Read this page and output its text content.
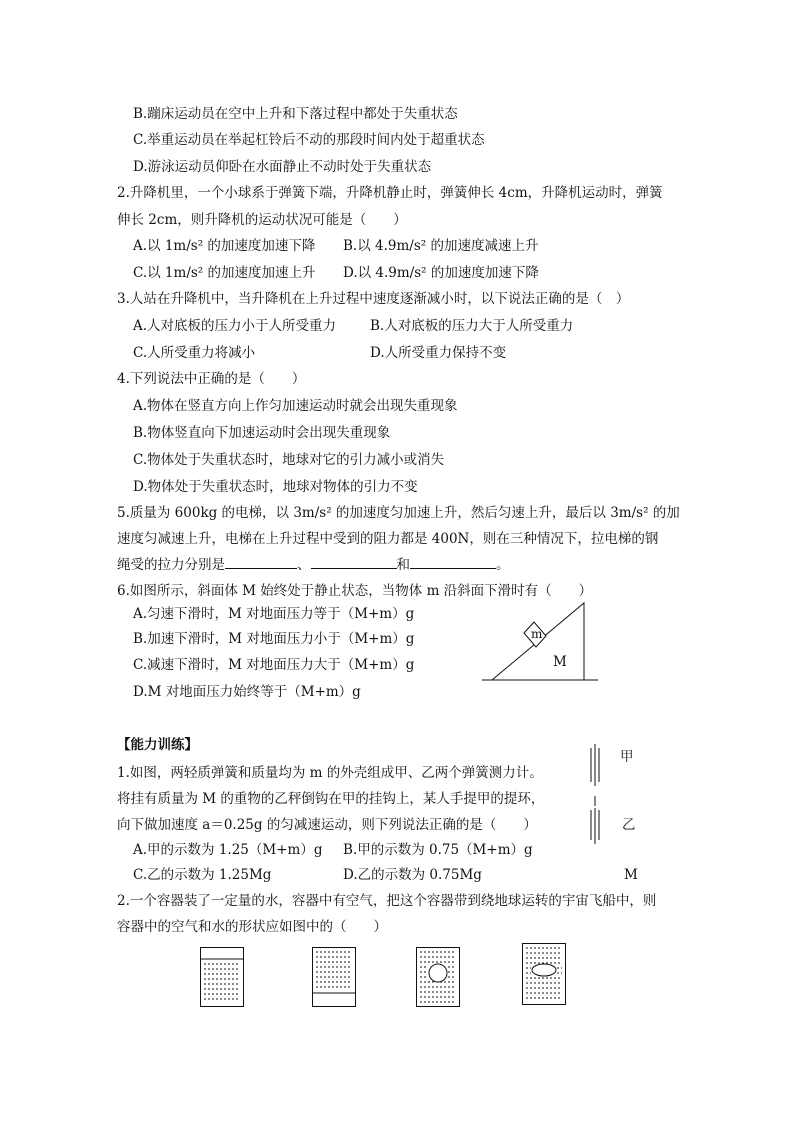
B.蹦床运动员在空中上升和下落过程中都处于失重状态
C.举重运动员在举起杠铃后不动的那段时间内处于超重状态
D.游泳运动员仰卧在水面静止不动时处于失重状态
2.升降机里，一个小球系于弹簧下端，升降机静止时，弹簧伸长 4cm，升降机运动时，弹簧
伸长 2cm，则升降机的运动状况可能是（　　）
A.以 1m/s² 的加速度加速下降 B.以 4.9m/s² 的加速度减速上升
C.以 1m/s² 的加速度加速上升 D.以 4.9m/s² 的加速度加速下降
3.人站在升降机中，当升降机在上升过程中速度逐渐减小时，以下说法正确的是（　）
A.人对底板的压力小于人所受重力	B.人对底板的压力大于人所受重力
C.人所受重力将减小	D.人所受重力保持不变
4.下列说法中正确的是（　　）
A.物体在竖直方向上作匀加速运动时就会出现失重现象
B.物体竖直向下加速运动时会出现失重现象
C.物体处于失重状态时，地球对它的引力减小或消失
D.物体处于失重状态时，地球对物体的引力不变
5.质量为 600kg 的电梯，以 3m/s² 的加速度匀加速上升，然后匀速上升，最后以 3m/s² 的加
速度匀减速上升，电梯在上升过程中受到的阻力都是 400N，则在三种情况下，拉电梯的钢
绳受的拉力分别是	、	和	。
6.如图所示，斜面体 M 始终处于静止状态，当物体 m 沿斜面下滑时有（　　）
A.匀速下滑时，M 对地面压力等于（M+m）g
B.加速下滑时，M 对地面压力小于（M+m）g
C.减速下滑时，M 对地面压力大于（M+m）g
D.M 对地面压力始终等于（M+m）g
m
M
【能力训练】
1.如图，两轻质弹簧和质量均为 m 的外壳组成甲、乙两个弹簧测力计。
将挂有质量为 M 的重物的乙秤倒钩在甲的挂钩上，某人手提甲的提环，
向下做加速度 a＝0.25g 的匀减速运动，则下列说法正确的是（　　）
A.甲的示数为 1.25（M+m）g B.甲的示数为 0.75（M+m）g
C.乙的示数为 1.25Mg	D.乙的示数为 0.75Mg
甲
乙
M
2.一个容器装了一定量的水，容器中有空气，把这个容器带到绕地球运转的宇宙飞船中，则
容器中的空气和水的形状应如图中的（　　）
